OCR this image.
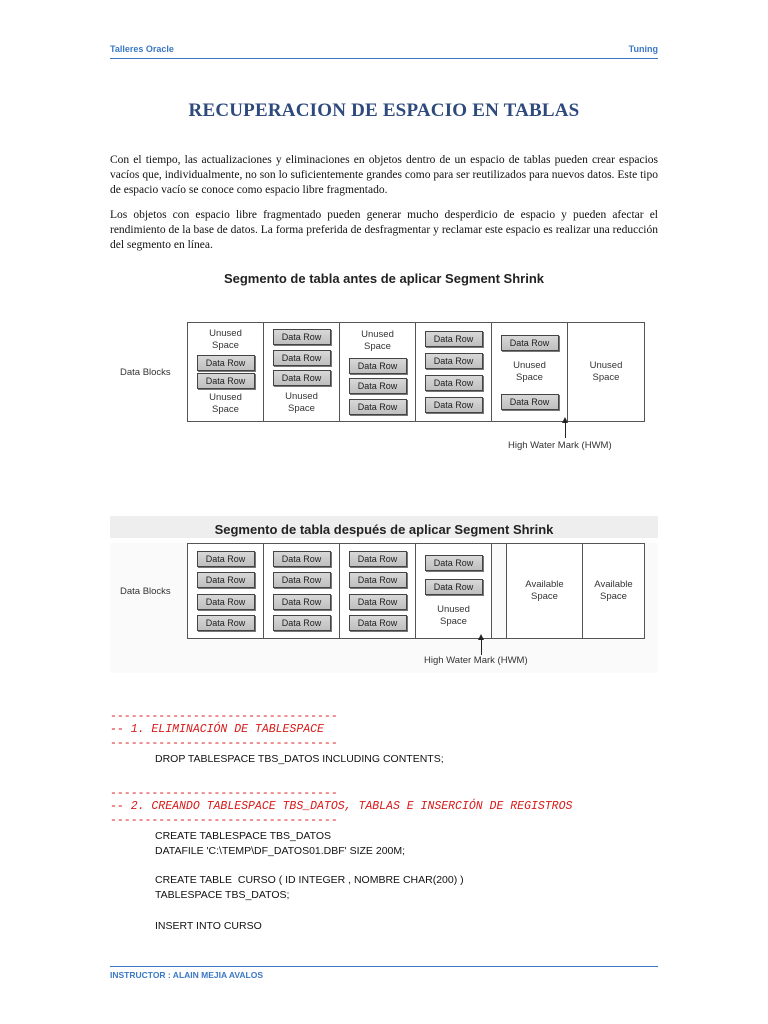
Talleres Oracle	Tuning
RECUPERACION DE ESPACIO EN TABLAS

Con el tiempo, las actualizaciones y eliminaciones en objetos dentro de un espacio de tablas pueden crear espacios vacíos que, individualmente, no son lo suficientemente grandes como para ser reutilizados para nuevos datos. Este tipo de espacio vacío se conoce como espacio libre fragmentado.

Los objetos con espacio libre fragmentado pueden generar mucho desperdicio de espacio y pueden afectar el rendimiento de la base de datos. La forma preferida de desfragmentar y reclamar este espacio es realizar una reducción del segmento en línea.

Segmento de tabla antes de aplicar Segment Shrink
Data Blocks
Unused
Space
Data Row
Data Row
Unused
Space
Data Row
Data Row
Data Row
Unused
Space
Unused
Space
Data Row
Data Row
Data Row
Data Row
Data Row
Data Row
Data Row
Data Row
Unused
Space
Data Row
Unused
Space
High Water Mark (HWM)
Segmento de tabla después de aplicar Segment Shrink
Data Blocks
Data Row
Data Row
Data Row
Data Row
Data Row
Data Row
Data Row
Data Row
Data Row
Data Row
Data Row
Data Row
Data Row
Data Row
Unused
Space
Available
Space
Available
Space
High Water Mark (HWM)
---------------------------------
-- 1. ELIMINACIÓN DE TABLESPACE
---------------------------------
DROP TABLESPACE TBS_DATOS INCLUDING CONTENTS;
---------------------------------
-- 2. CREANDO TABLESPACE TBS_DATOS, TABLAS E INSERCIÓN DE REGISTROS
---------------------------------
CREATE TABLESPACE TBS_DATOS
DATAFILE 'C:\TEMP\DF_DATOS01.DBF' SIZE 200M;
CREATE TABLE  CURSO ( ID INTEGER , NOMBRE CHAR(200) )
TABLESPACE TBS_DATOS;
INSERT INTO CURSO
INSTRUCTOR : ALAIN MEJIA AVALOS
